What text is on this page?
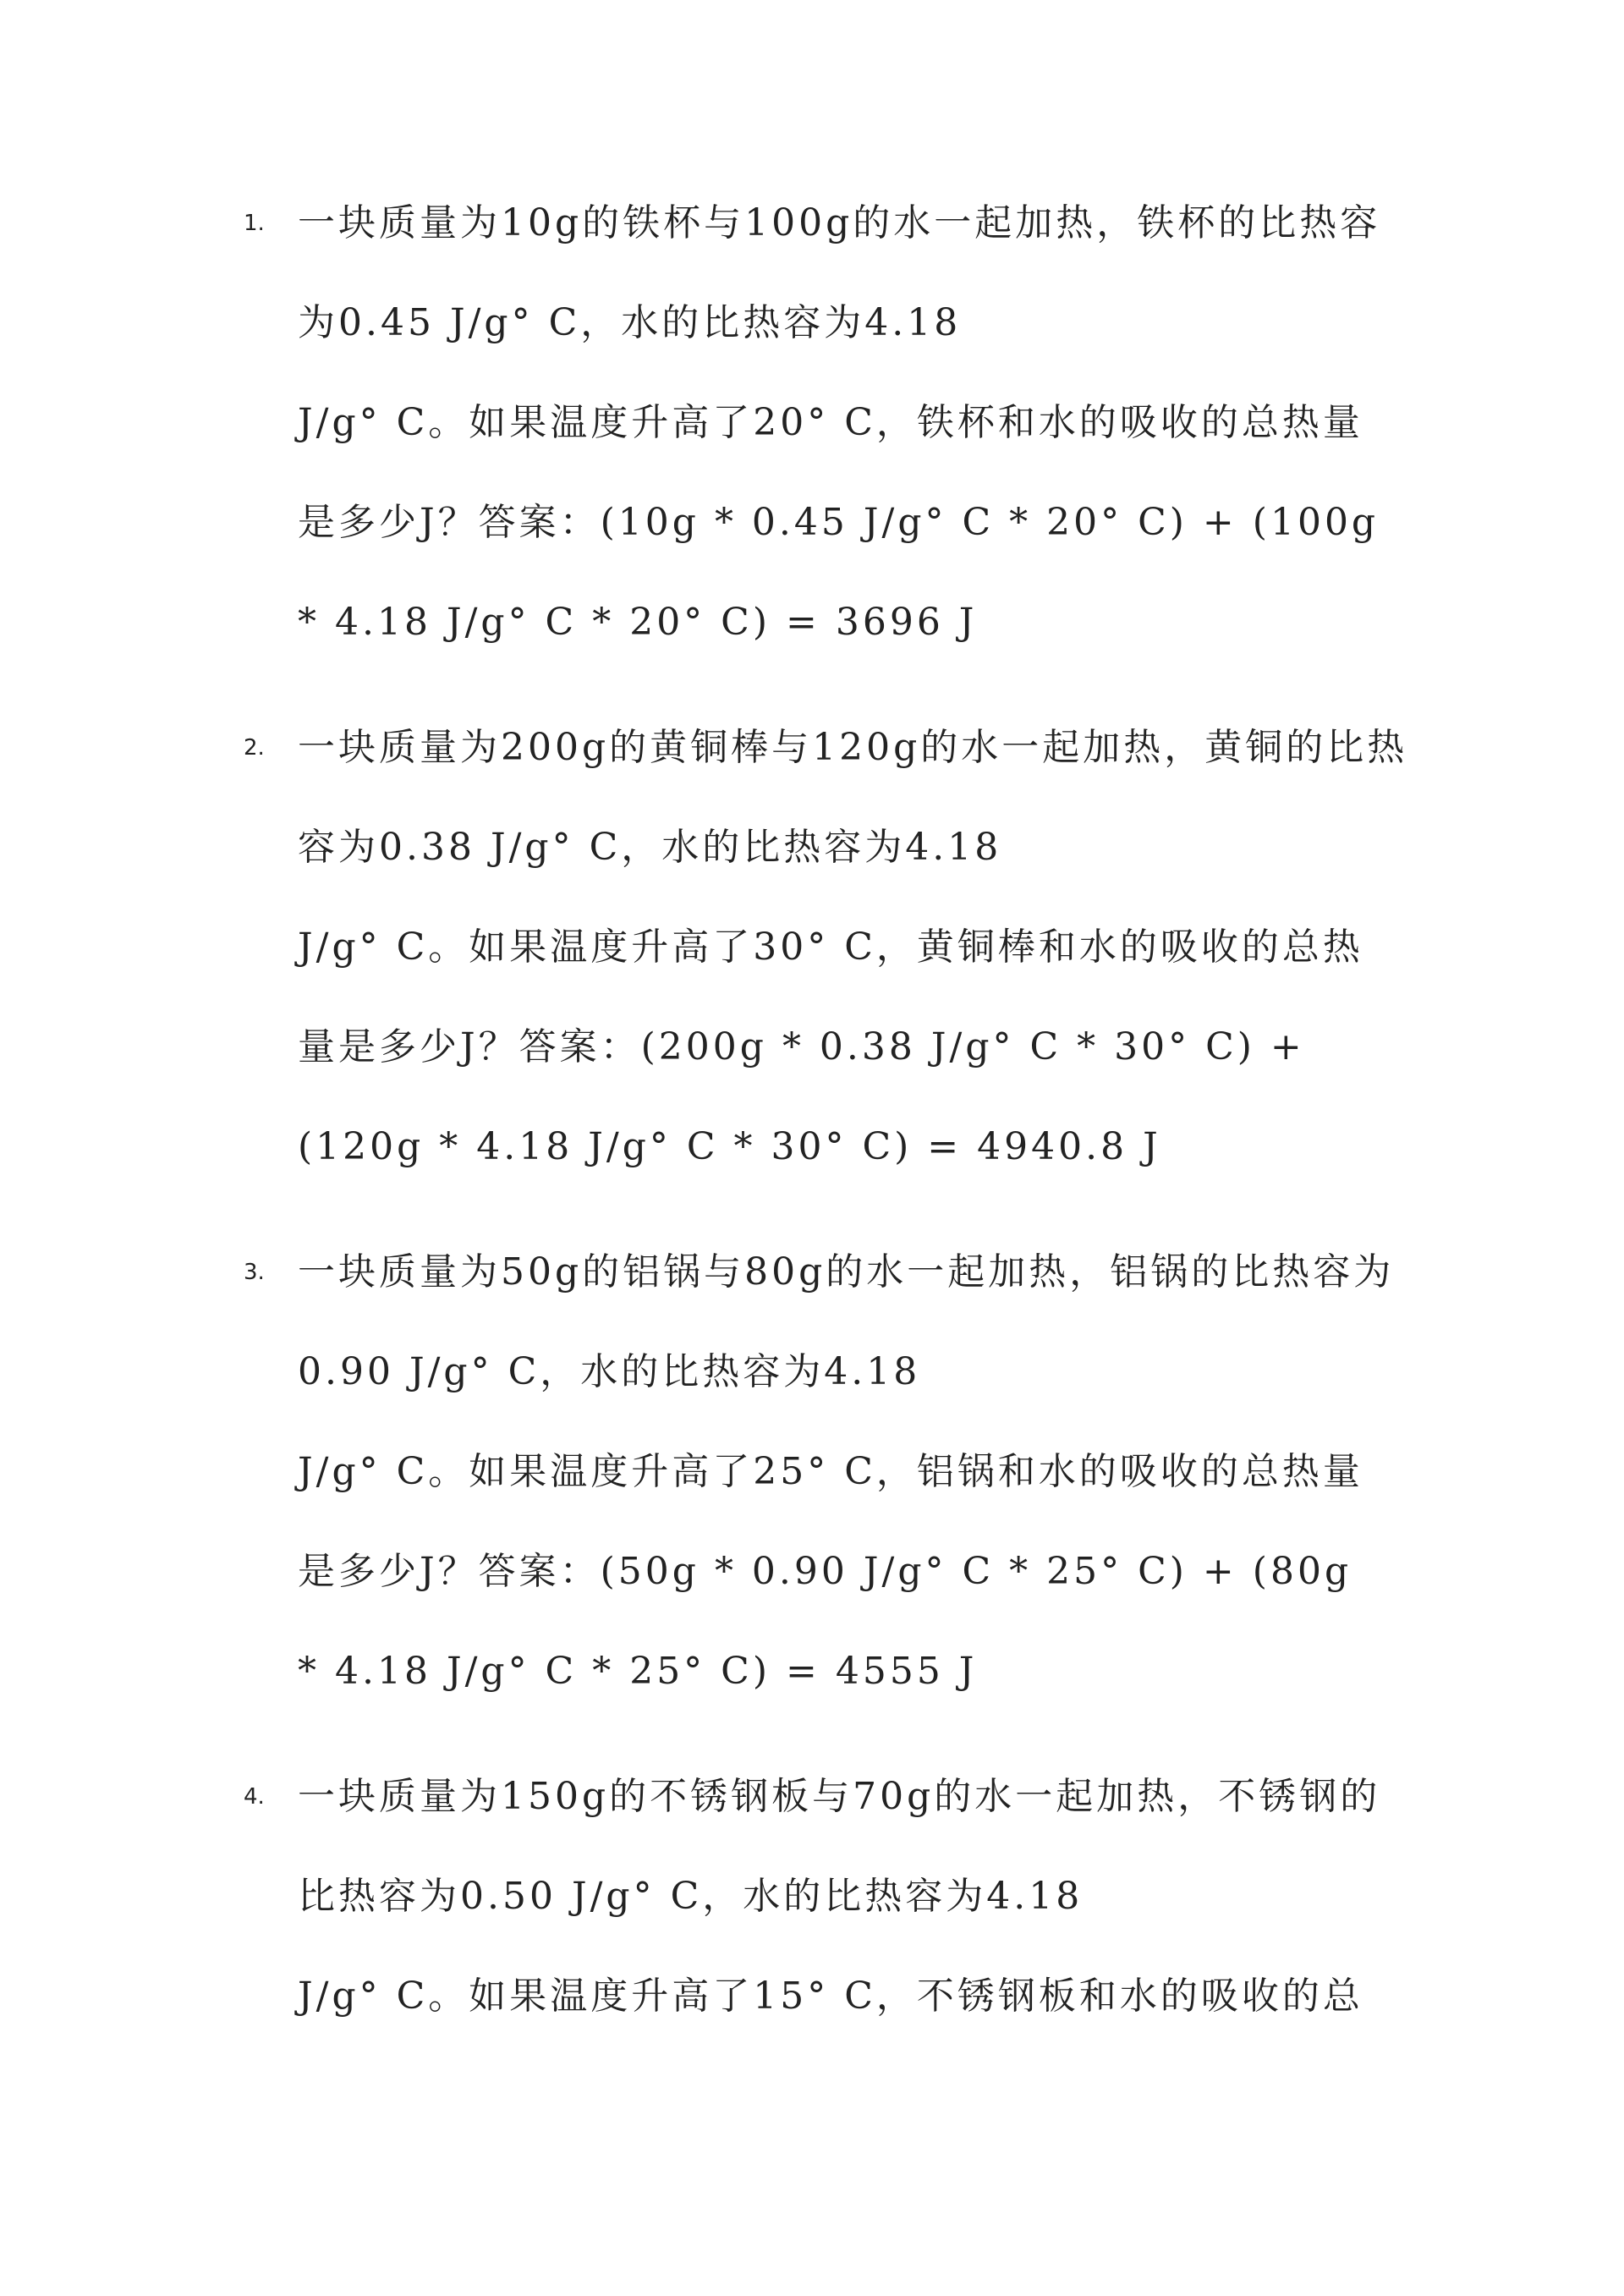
1. 一块质量为10g的铁杯与100g的水一起加热，铁杯的比热容
为0.45 J/g° C，水的比热容为4.18
J/g° C。如果温度升高了20° C，铁杯和水的吸收的总热量
是多少J？答案：(10g * 0.45 J/g° C * 20° C) + (100g
* 4.18 J/g° C * 20° C) = 3696 J
2. 一块质量为200g的黄铜棒与120g的水一起加热，黄铜的比热
容为0.38 J/g° C，水的比热容为4.18
J/g° C。如果温度升高了30° C，黄铜棒和水的吸收的总热
量是多少J？答案：(200g * 0.38 J/g° C * 30° C) +
(120g * 4.18 J/g° C * 30° C) = 4940.8 J
3. 一块质量为50g的铝锅与80g的水一起加热，铝锅的比热容为
0.90 J/g° C，水的比热容为4.18
J/g° C。如果温度升高了25° C，铝锅和水的吸收的总热量
是多少J？答案：(50g * 0.90 J/g° C * 25° C) + (80g
* 4.18 J/g° C * 25° C) = 4555 J
4. 一块质量为150g的不锈钢板与70g的水一起加热，不锈钢的
比热容为0.50 J/g° C，水的比热容为4.18
J/g° C。如果温度升高了15° C，不锈钢板和水的吸收的总
